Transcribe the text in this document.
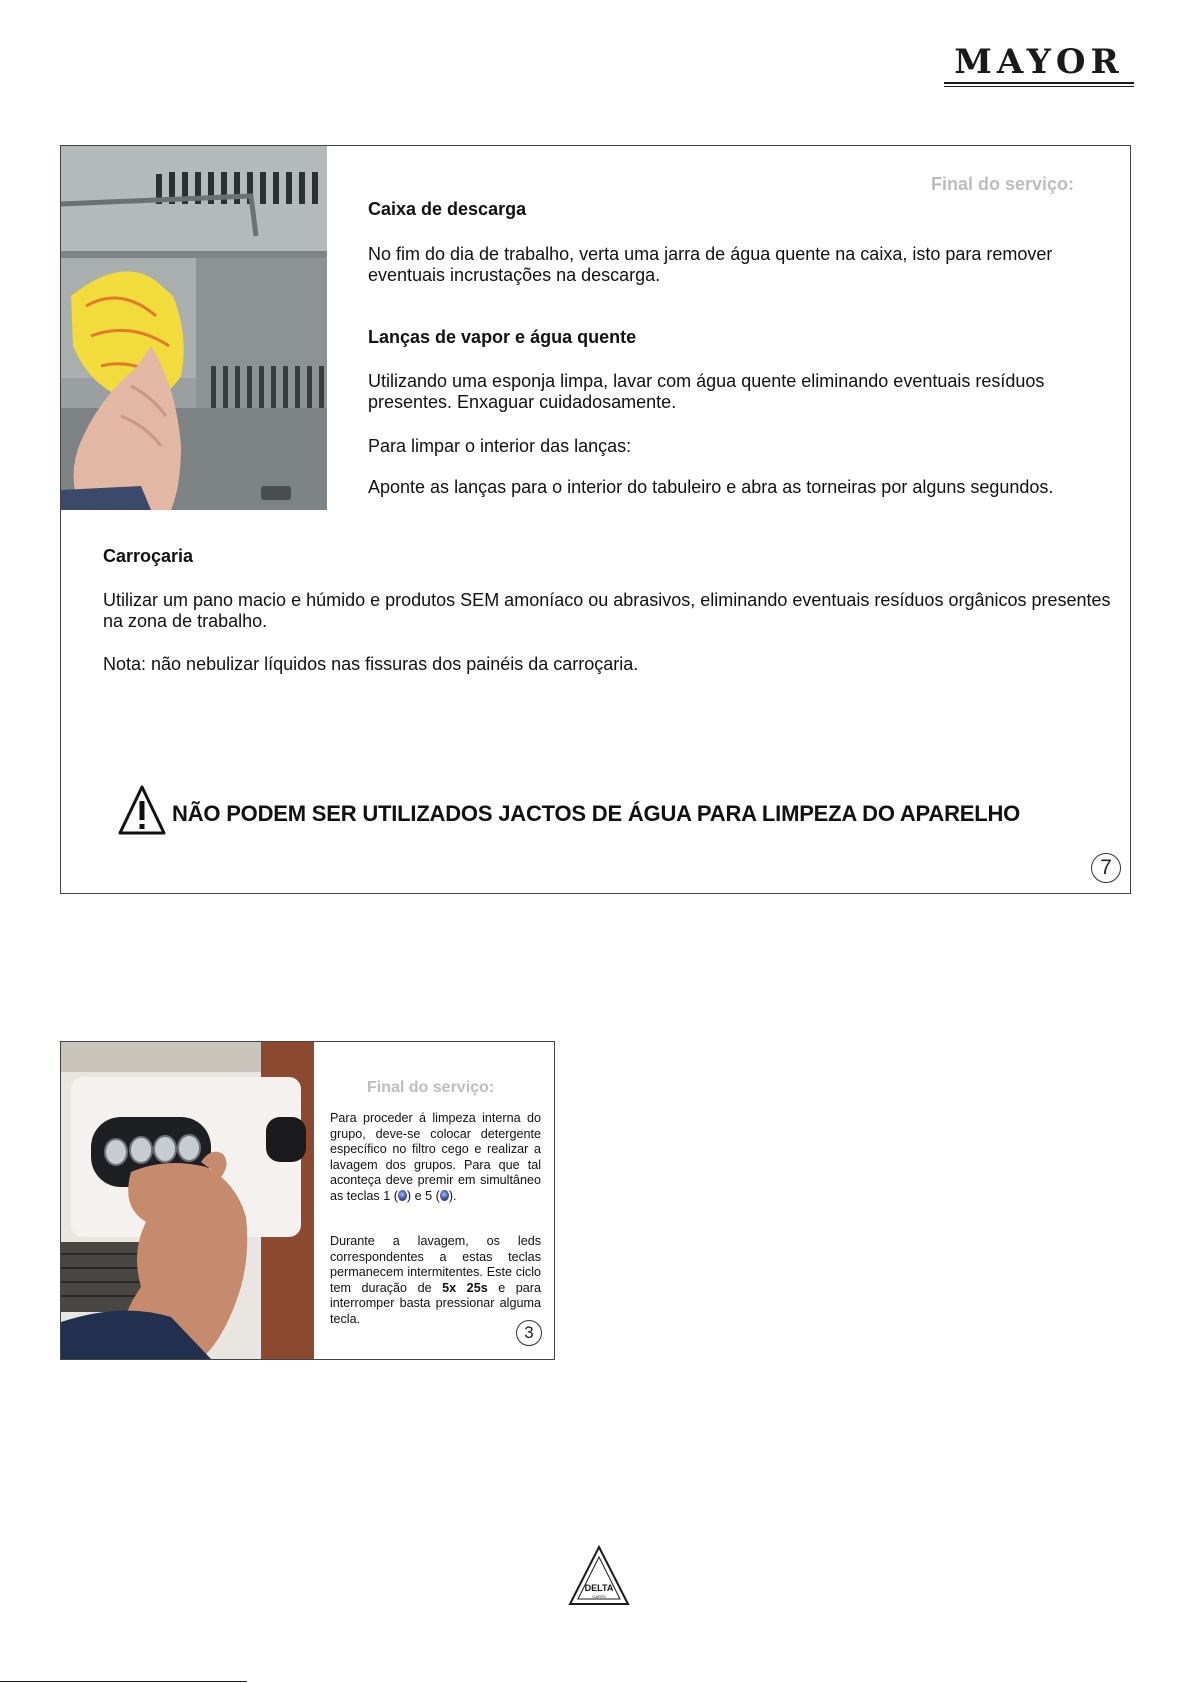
MAYOR
Final do serviço:
Caixa de descarga
No fim do dia de trabalho, verta uma jarra de água quente na caixa, isto para remover eventuais incrustações na descarga.
Lanças de vapor e água quente
Utilizando uma esponja limpa, lavar com água quente eliminando eventuais resíduos presentes. Enxaguar cuidadosamente.
Para limpar o interior das lanças:
Aponte as lanças para o interior do tabuleiro e abra as torneiras por alguns segundos.
Carroçaria
Utilizar um pano macio e húmido e produtos SEM amoníaco ou abrasivos, eliminando eventuais resíduos orgânicos presentes na zona de trabalho.
Nota: não nebulizar líquidos nas fissuras dos painéis da carroçaria.
NÃO PODEM SER UTILIZADOS JACTOS DE ÁGUA PARA LIMPEZA DO APARELHO
7
Final do serviço:
Para proceder á limpeza interna do grupo, deve-se colocar detergente específico no filtro cego e realizar a lavagem dos grupos. Para que tal aconteça deve premir em simultâneo as teclas 1 ( ) e 5 ( ).
Durante a lavagem, os leds correspondentes a estas teclas permanecem intermitentes. Este ciclo tem duração de 5x 25s e para interromper basta pressionar alguma tecla.
3
DELTA
CAFÉS
